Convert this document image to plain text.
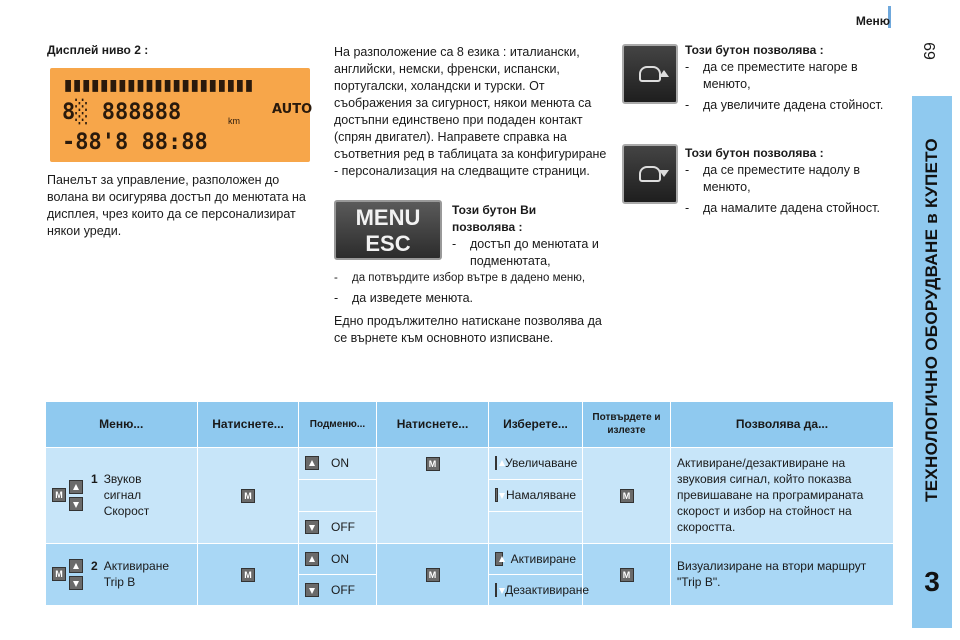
Меню
69
ТЕХНОЛОГИЧНО ОБОРУДВАНЕ в КУПЕТО
3
Дисплей ниво 2 :
▮▮▮▮▮▮▮▮▮▮▮▮▮▮▮▮▮▮▮▮▮
8░ 888888	km
AUTO
-88'8 88:88
Панелът за управление, разположен до волана ви осигурява достъп до менютата на дисплея, чрез които да се персонализират някои уреди.
На разположение са 8 езика : италиански, английски, немски, френски, испански, португалски, холандски и турски. От съображения за сигурност, някои менюта са достъпни единствено при подаден контакт (спрян двигател). Направете справка на съответния ред в таблицата за конфигуриране - персонализация на следващите страници.
MENU
ESC
Този бутон Ви позволява :
-	достъп до менютата и подменютата,
-	да потвърдите избор вътре в дадено меню,
-	да изведете менюта.
Едно продължително натискане позволява да се върнете към основното изписване.
Този бутон позволява :
-	да се преместите нагоре в менюто,
-	да увеличите дадена стойност.
Този бутон позволява :
-	да се преместите надолу в менюто,
-	да намалите дадена стойност.
Меню...	Натиснете...	Подменю...	Натиснете...	Изберете...	Потвърдете и излезте	Позволява да...

M
1 Звуков сигнал Скорост	M	ON	M	Увеличаване	M	Активиране/дезактивиране на звуковия сигнал, който показва превишаване на програмираната скорост и избор на стойност на скоростта.

				Намаляване		

		OFF				

M
2 Активиране Trip B	M	ON	M	Активиране	M	Визуализиране на втори маршрут "Trip B".

		OFF		Дезактивиране		
